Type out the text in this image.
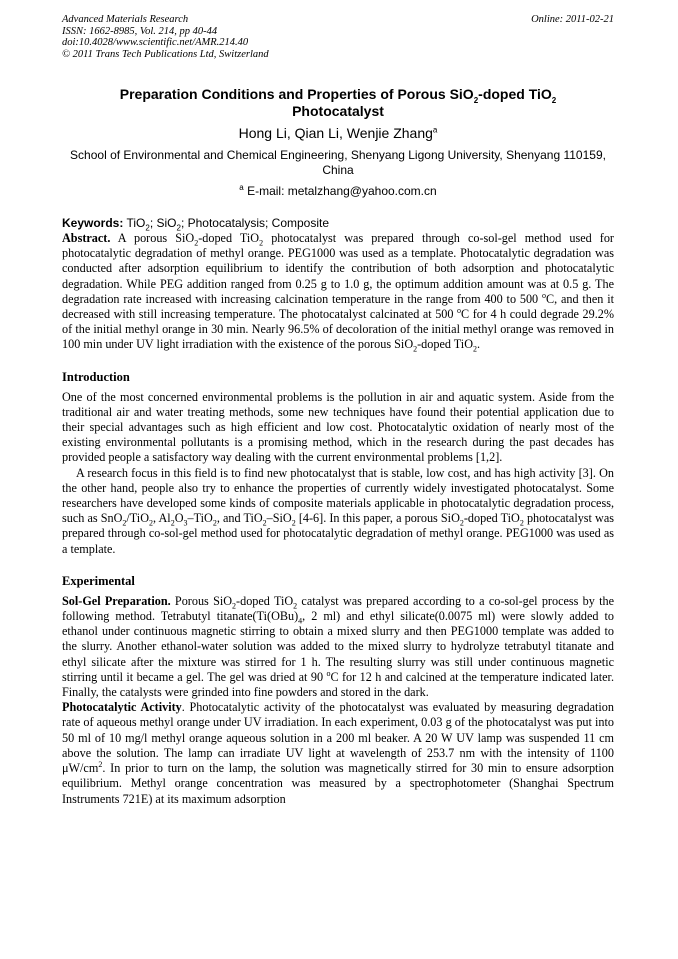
Advanced Materials Research
ISSN: 1662-8985, Vol. 214, pp 40-44
doi:10.4028/www.scientific.net/AMR.214.40
© 2011 Trans Tech Publications Ltd, Switzerland
Online: 2011-02-21
Preparation Conditions and Properties of Porous SiO$_2$-doped TiO$_2$
Photocatalyst
Hong Li, Qian Li, Wenjie Zhang$^a$
School of Environmental and Chemical Engineering, Shenyang Ligong University, Shenyang 110159, China
$^a$ E-mail: metalzhang@yahoo.com.cn
Keywords: TiO$_2$; SiO$_2$; Photocatalysis; Composite

Abstract. A porous SiO$_2$-doped TiO$_2$ photocatalyst was prepared through co-sol-gel method used for photocatalytic degradation of methyl orange. PEG1000 was used as a template. Photocatalytic degradation was conducted after adsorption equilibrium to identify the contribution of both adsorption and photocatalytic degradation. While PEG addition ranged from 0.25 g to 1.0 g, the optimum addition amount was at 0.5 g. The degradation rate increased with increasing calcination temperature in the range from 400 to 500 $^o$C, and then it decreased with still increasing temperature. The photocatalyst calcinated at 500 $^o$C for 4 h could degrade 29.2% of the initial methyl orange in 30 min. Nearly 96.5% of decoloration of the initial methyl orange was removed in 100 min under UV light irradiation with the existence of the porous SiO$_2$-doped TiO$_2$.

Introduction

One of the most concerned environmental problems is the pollution in air and aquatic system. Aside from the traditional air and water treating methods, some new techniques have found their potential application due to their special advantages such as high efficient and low cost. Photocatalytic oxidation of nearly most of the existing environmental pollutants is a promising method, which in the research during the past decades has provided people a satisfactory way dealing with the current environmental problems [1,2].

A research focus in this field is to find new photocatalyst that is stable, low cost, and has high activity [3]. On the other hand, people also try to enhance the properties of currently widely investigated photocatalyst. Some researchers have developed some kinds of composite materials applicable in photocatalytic degradation process, such as SnO$_2$/TiO$_2$, $Al_2O_3-TiO_2$, and TiO$_2$–SiO$_2$ [4-6]. In this paper, a porous SiO$_2$-doped TiO$_2$ photocatalyst was prepared through co-sol-gel method used for photocatalytic degradation of methyl orange. PEG1000 was used as a template.

Experimental

Sol-Gel Preparation. Porous SiO$_2$-doped TiO$_2$ catalyst was prepared according to a co-sol-gel process by the following method. Tetrabutyl $titanate(Ti(OBu)_4$, 2 ml) and ethyl silicate(0.0075 ml) were slowly added to ethanol under continuous magnetic stirring to obtain a mixed slurry and then PEG1000 template was added to the slurry. Another ethanol-water solution was added to the mixed slurry to hydrolyze tetrabutyl titanate and ethyl silicate after the mixture was stirred for 1 h. The resulting slurry was still under continuous magnetic stirring until it became a gel. The gel was dried at 90 $^o$C for 12 h and calcined at the temperature indicated later. Finally, the catalysts were grinded into fine powders and stored in the dark.

Photocatalytic Activity. Photocatalytic activity of the photocatalyst was evaluated by measuring degradation rate of aqueous methyl orange under UV irradiation. In each experiment, 0.03 g of the photocatalyst was put into 50 ml of 10 mg/l methyl orange aqueous solution in a 200 ml beaker. A 20 W UV lamp was suspended 11 cm above the solution. The lamp can irradiate UV light at wavelength of 253.7 nm with the intensity of 1100 $\mu W/cm^2$. In prior to turn on the lamp, the solution was magnetically stirred for 30 min to ensure adsorption equilibrium. Methyl orange concentration was measured by a spectrophotometer (Shanghai Spectrum Instruments 721E) at its maximum adsorption
